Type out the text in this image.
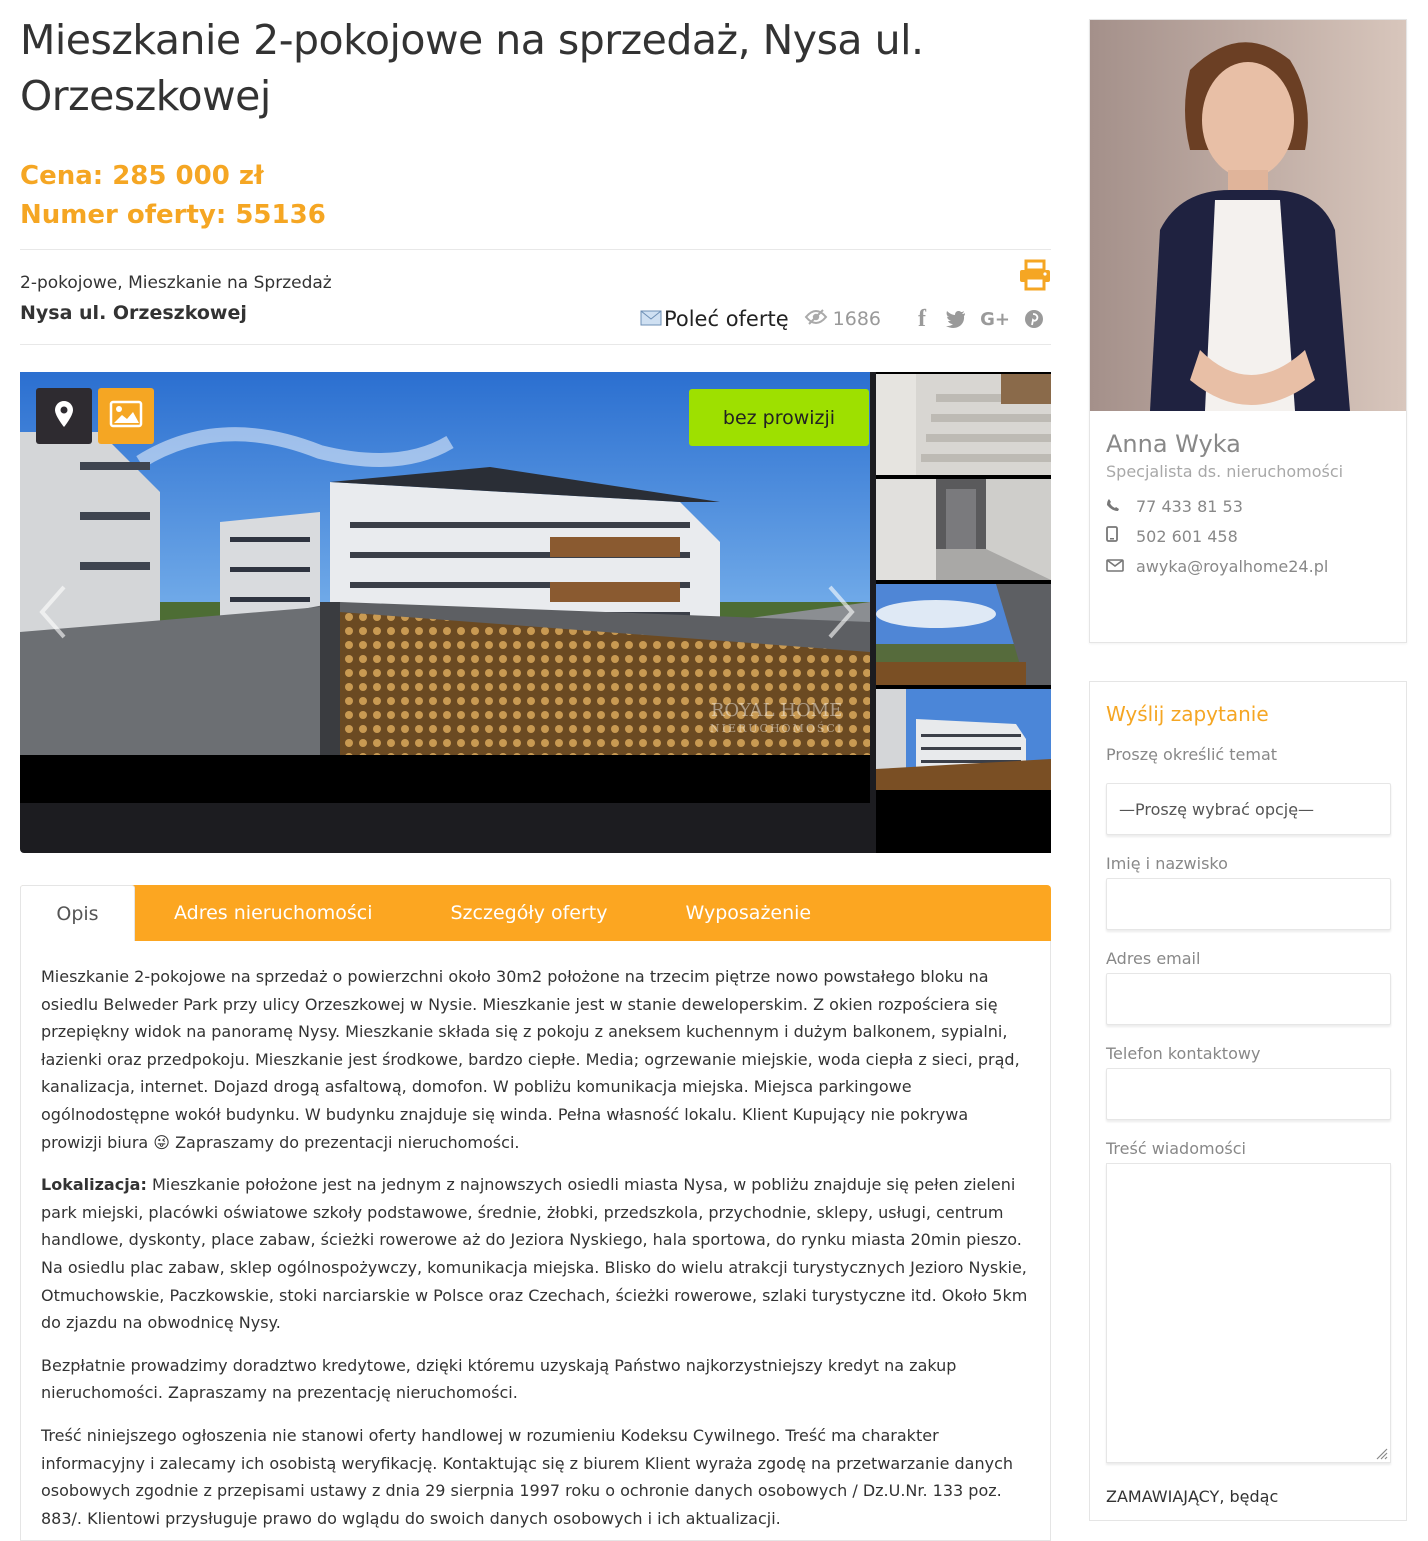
Mieszkanie 2-pokojowe na sprzedaż, Nysa ul. Orzeszkowej
Cena: 285 000 zł
Numer oferty: 55136
2-pokojowe, Mieszkanie na Sprzedaż
Nysa ul. Orzeszkowej	Poleć ofertę 1686	f	G+
ROYAL HOME
NIERUCHOMOŚCI
bez prowizji
Opis	Adres nieruchomości	Szczegóły oferty	Wyposażenie

Mieszkanie 2-pokojowe na sprzedaż o powierzchni około 30m2 położone na trzecim piętrze nowo powstałego bloku na osiedlu Belweder Park przy ulicy Orzeszkowej w Nysie. Mieszkanie jest w stanie deweloperskim. Z okien rozpościera się przepiękny widok na panoramę Nysy. Mieszkanie składa się z pokoju z aneksem kuchennym i dużym balkonem, sypialni, łazienki oraz przedpokoju. Mieszkanie jest środkowe, bardzo ciepłe. Media; ogrzewanie miejskie, woda ciepła z sieci, prąd, kanalizacja, internet. Dojazd drogą asfaltową, domofon. W pobliżu komunikacja miejska. Miejsca parkingowe ogólnodostępne wokół budynku. W budynku znajduje się winda. Pełna własność lokalu. Klient Kupujący nie pokrywa prowizji biura 😜 Zapraszamy do prezentacji nieruchomości.

Lokalizacja: Mieszkanie położone jest na jednym z najnowszych osiedli miasta Nysa, w pobliżu znajduje się pełen zieleni park miejski, placówki oświatowe szkoły podstawowe, średnie, żłobki, przedszkola, przychodnie, sklepy, usługi, centrum handlowe, dyskonty, place zabaw, ścieżki rowerowe aż do Jeziora Nyskiego, hala sportowa, do rynku miasta 20min pieszo. Na osiedlu plac zabaw, sklep ogólnospożywczy, komunikacja miejska. Blisko do wielu atrakcji turystycznych Jezioro Nyskie, Otmuchowskie, Paczkowskie, stoki narciarskie w Polsce oraz Czechach, ścieżki rowerowe, szlaki turystyczne itd. Około 5km do zjazdu na obwodnicę Nysy.

Bezpłatnie prowadzimy doradztwo kredytowe, dzięki któremu uzyskają Państwo najkorzystniejszy kredyt na zakup nieruchomości. Zapraszamy na prezentację nieruchomości.

Treść niniejszego ogłoszenia nie stanowi oferty handlowej w rozumieniu Kodeksu Cywilnego. Treść ma charakter informacyjny i zalecamy ich osobistą weryfikację. Kontaktując się z biurem Klient wyraża zgodę na przetwarzanie danych osobowych zgodnie z przepisami ustawy z dnia 29 sierpnia 1997 roku o ochronie danych osobowych / Dz.U.Nr. 133 poz. 883/. Klientowi przysługuje prawo do wglądu do swoich danych osobowych i ich aktualizacji.

Anna Wyka
Specjalista ds. nieruchomości
77 433 81 53
502 601 458
awyka@royalhome24.pl
Wyślij zapytanie
Proszę określić temat
—Proszę wybrać opcję—
Imię i nazwisko
Adres email
Telefon kontaktowy
Treść wiadomości
ZAMAWIAJĄCY, będąc
